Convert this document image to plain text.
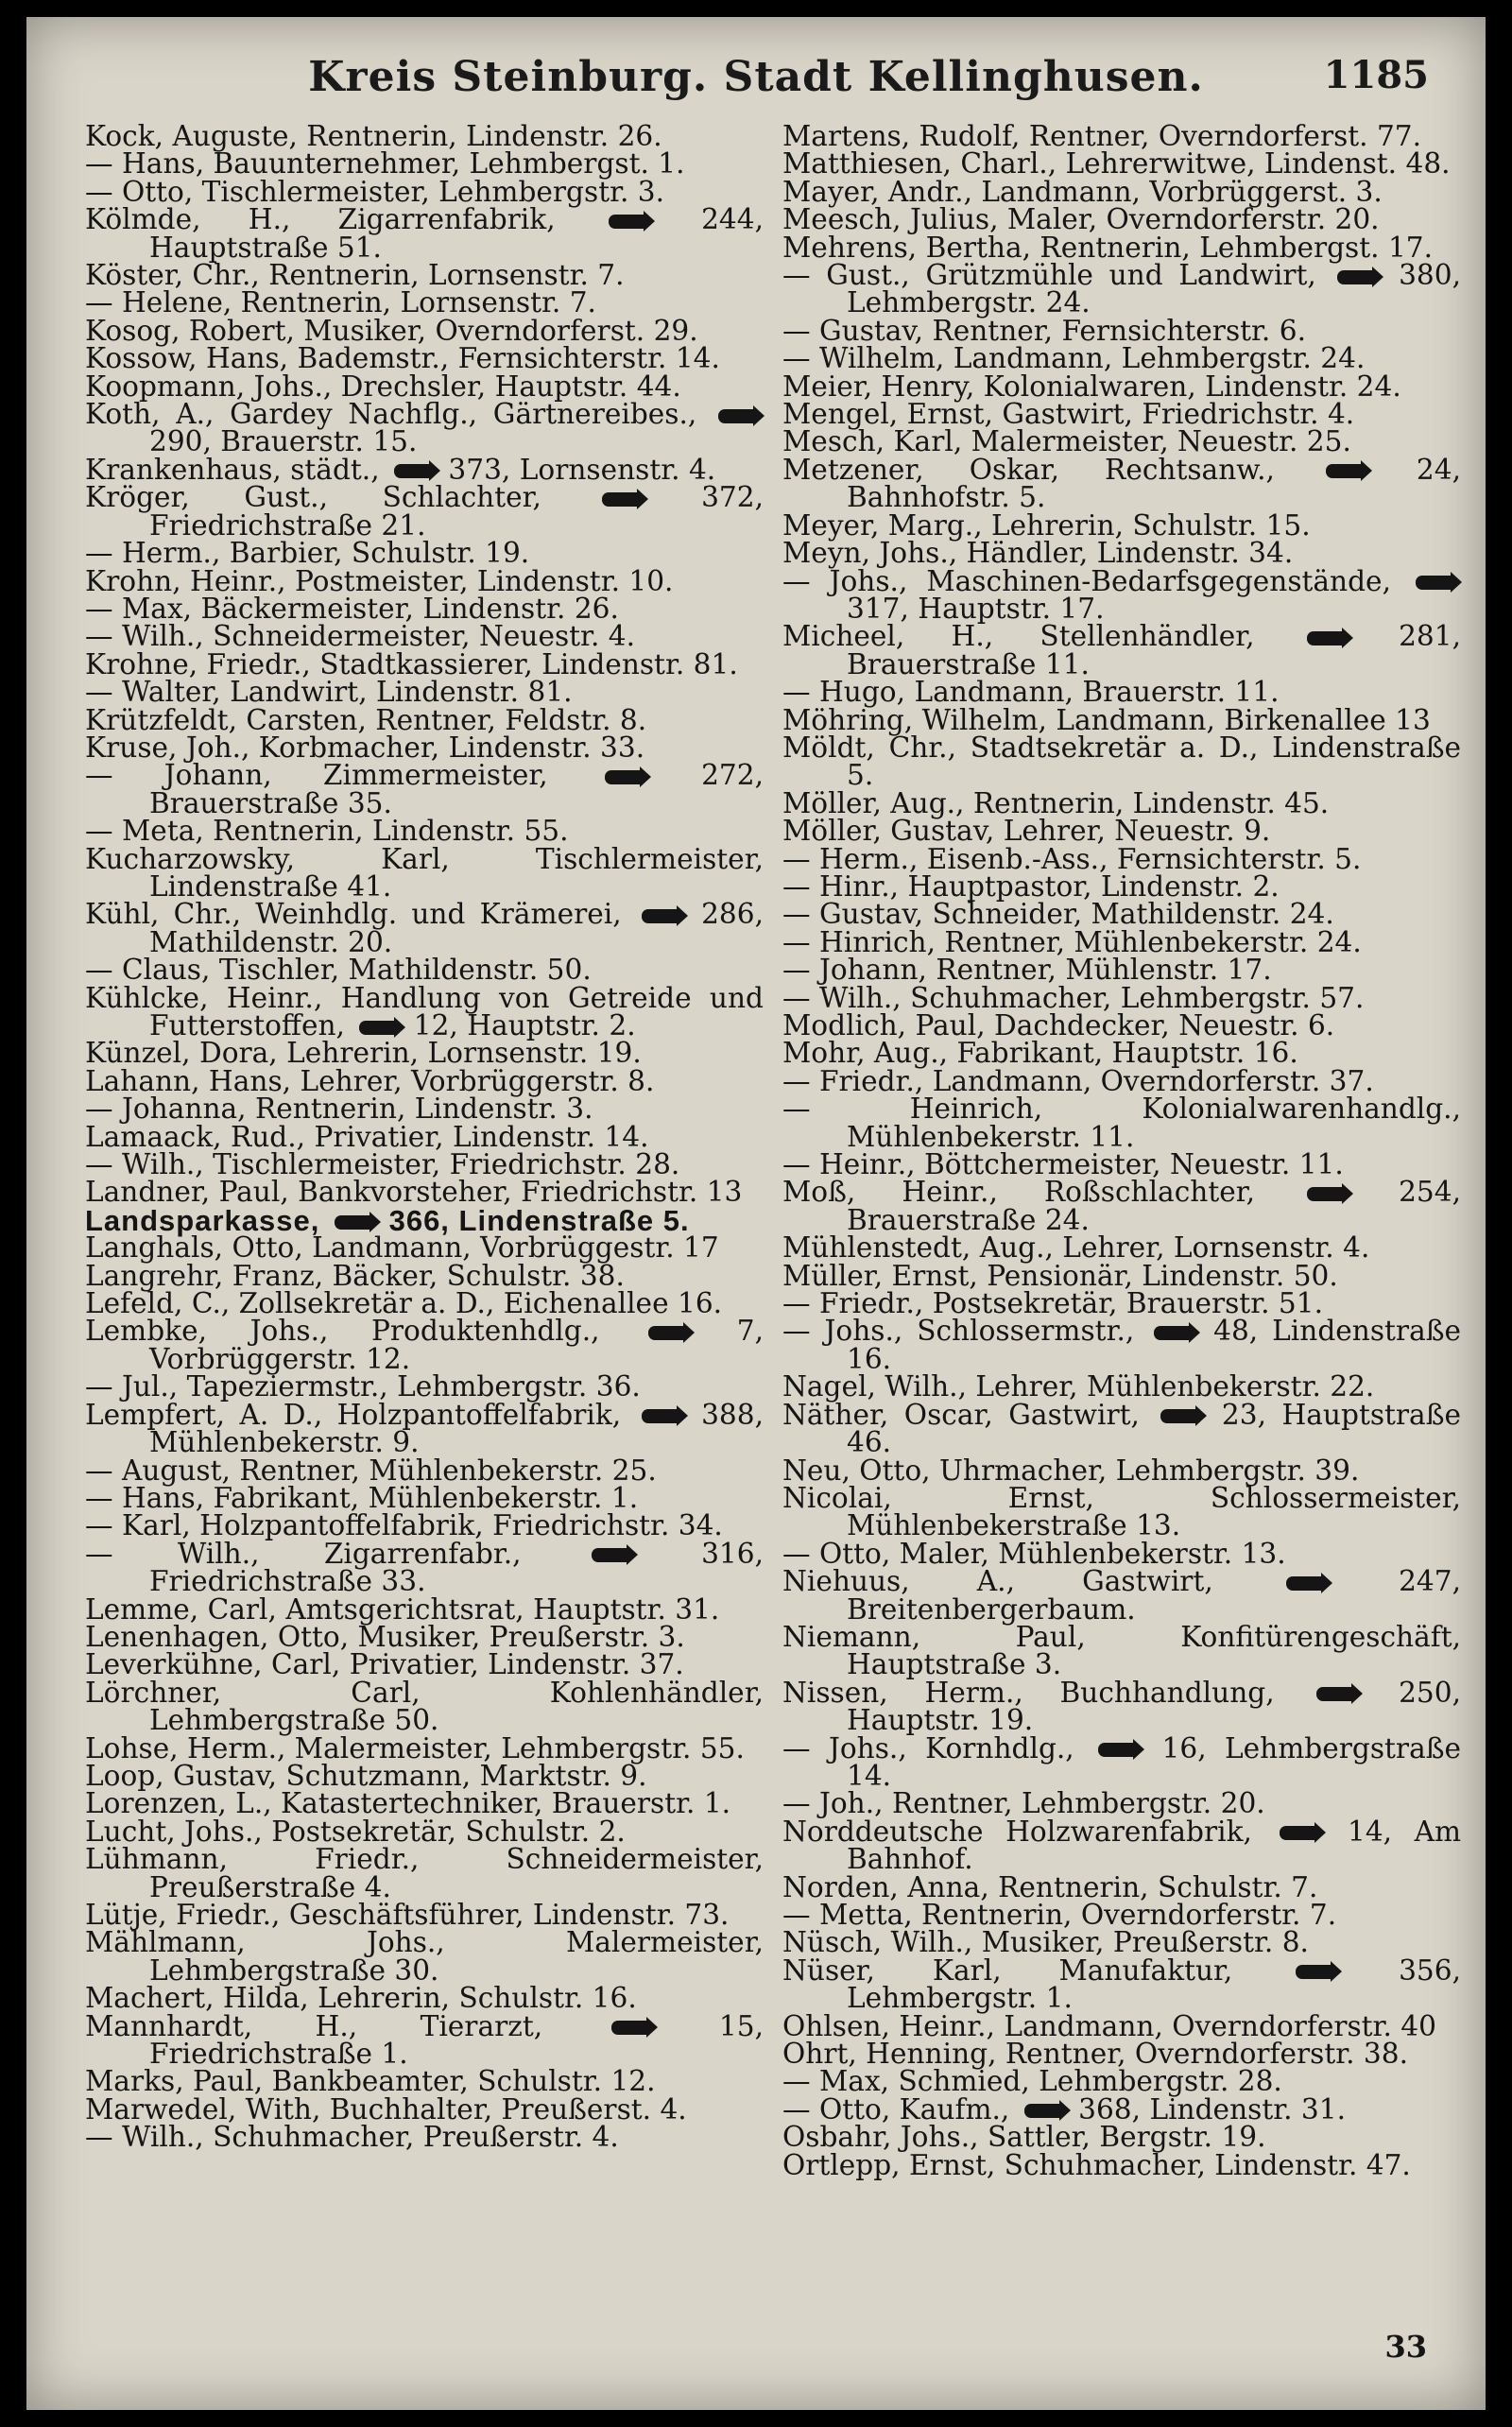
Kreis Steinburg. Stadt Kellinghusen.	1185
Kock, Auguste, Rentnerin, Lindenstr. 26.
— Hans, Bauunternehmer, Lehmbergst. 1.
— Otto, Tischlermeister, Lehmbergstr. 3.
Kölmde, H., Zigarrenfabrik,  244, Hauptstraße 51.
Köster, Chr., Rentnerin, Lornsenstr. 7.
— Helene, Rentnerin, Lornsenstr. 7.
Kosog, Robert, Musiker, Overndorferst. 29.
Kossow, Hans, Bademstr., Fernsichterstr. 14.
Koopmann, Johs., Drechsler, Hauptstr. 44.
Koth, A., Gardey Nachflg., Gärtnereibes.,  290, Brauerstr. 15.
Krankenhaus, städt.,  373, Lornsenstr. 4.
Kröger, Gust., Schlachter,  372, Friedrichstraße 21.
— Herm., Barbier, Schulstr. 19.
Krohn, Heinr., Postmeister, Lindenstr. 10.
— Max, Bäckermeister, Lindenstr. 26.
— Wilh., Schneidermeister, Neuestr. 4.
Krohne, Friedr., Stadtkassierer, Lindenstr. 81.
— Walter, Landwirt, Lindenstr. 81.
Krützfeldt, Carsten, Rentner, Feldstr. 8.
Kruse, Joh., Korbmacher, Lindenstr. 33.
— Johann, Zimmermeister,  272, Brauerstraße 35.
— Meta, Rentnerin, Lindenstr. 55.
Kucharzowsky, Karl, Tischlermeister, Lindenstraße 41.
Kühl, Chr., Weinhdlg. und Krämerei,  286, Mathildenstr. 20.
— Claus, Tischler, Mathildenstr. 50.
Kühlcke, Heinr., Handlung von Getreide und Futterstoffen,  12, Hauptstr. 2.
Künzel, Dora, Lehrerin, Lornsenstr. 19.
Lahann, Hans, Lehrer, Vorbrüggerstr. 8.
— Johanna, Rentnerin, Lindenstr. 3.
Lamaack, Rud., Privatier, Lindenstr. 14.
— Wilh., Tischlermeister, Friedrichstr. 28.
Landner, Paul, Bankvorsteher, Friedrichstr. 13
Landsparkasse,  366, Lindenstraße 5.
Langhals, Otto, Landmann, Vorbrüggestr. 17
Langrehr, Franz, Bäcker, Schulstr. 38.
Lefeld, C., Zollsekretär a. D., Eichenallee 16.
Lembke, Johs., Produktenhdlg.,  7, Vorbrüggerstr. 12.
— Jul., Tapeziermstr., Lehmbergstr. 36.
Lempfert, A. D., Holzpantoffelfabrik,  388, Mühlenbekerstr. 9.
— August, Rentner, Mühlenbekerstr. 25.
— Hans, Fabrikant, Mühlenbekerstr. 1.
— Karl, Holzpantoffelfabrik, Friedrichstr. 34.
— Wilh., Zigarrenfabr.,  316, Friedrichstraße 33.
Lemme, Carl, Amtsgerichtsrat, Hauptstr. 31.
Lenenhagen, Otto, Musiker, Preußerstr. 3.
Leverkühne, Carl, Privatier, Lindenstr. 37.
Lörchner, Carl, Kohlenhändler, Lehmbergstraße 50.
Lohse, Herm., Malermeister, Lehmbergstr. 55.
Loop, Gustav, Schutzmann, Marktstr. 9.
Lorenzen, L., Katastertechniker, Brauerstr. 1.
Lucht, Johs., Postsekretär, Schulstr. 2.
Lühmann, Friedr., Schneidermeister, Preußerstraße 4.
Lütje, Friedr., Geschäftsführer, Lindenstr. 73.
Mählmann, Johs., Malermeister, Lehmbergstraße 30.
Machert, Hilda, Lehrerin, Schulstr. 16.
Mannhardt, H., Tierarzt,  15, Friedrichstraße 1.
Marks, Paul, Bankbeamter, Schulstr. 12.
Marwedel, With, Buchhalter, Preußerst. 4.
— Wilh., Schuhmacher, Preußerstr. 4.
Martens, Rudolf, Rentner, Overndorferst. 77.
Matthiesen, Charl., Lehrerwitwe, Lindenst. 48.
Mayer, Andr., Landmann, Vorbrüggerst. 3.
Meesch, Julius, Maler, Overndorferstr. 20.
Mehrens, Bertha, Rentnerin, Lehmbergst. 17.
— Gust., Grützmühle und Landwirt,  380, Lehmbergstr. 24.
— Gustav, Rentner, Fernsichterstr. 6.
— Wilhelm, Landmann, Lehmbergstr. 24.
Meier, Henry, Kolonialwaren, Lindenstr. 24.
Mengel, Ernst, Gastwirt, Friedrichstr. 4.
Mesch, Karl, Malermeister, Neuestr. 25.
Metzener, Oskar, Rechtsanw.,  24, Bahnhofstr. 5.
Meyer, Marg., Lehrerin, Schulstr. 15.
Meyn, Johs., Händler, Lindenstr. 34.
— Johs., Maschinen-Bedarfsgegenstände,  317, Hauptstr. 17.
Micheel, H., Stellenhändler,  281, Brauerstraße 11.
— Hugo, Landmann, Brauerstr. 11.
Möhring, Wilhelm, Landmann, Birkenallee 13
Möldt, Chr., Stadtsekretär a. D., Lindenstraße 5.
Möller, Aug., Rentnerin, Lindenstr. 45.
Möller, Gustav, Lehrer, Neuestr. 9.
— Herm., Eisenb.-Ass., Fernsichterstr. 5.
— Hinr., Hauptpastor, Lindenstr. 2.
— Gustav, Schneider, Mathildenstr. 24.
— Hinrich, Rentner, Mühlenbekerstr. 24.
— Johann, Rentner, Mühlenstr. 17.
— Wilh., Schuhmacher, Lehmbergstr. 57.
Modlich, Paul, Dachdecker, Neuestr. 6.
Mohr, Aug., Fabrikant, Hauptstr. 16.
— Friedr., Landmann, Overndorferstr. 37.
— Heinrich, Kolonialwarenhandlg., Mühlenbekerstr. 11.
— Heinr., Böttchermeister, Neuestr. 11.
Moß, Heinr., Roßschlachter,  254, Brauerstraße 24.
Mühlenstedt, Aug., Lehrer, Lornsenstr. 4.
Müller, Ernst, Pensionär, Lindenstr. 50.
— Friedr., Postsekretär, Brauerstr. 51.
— Johs., Schlossermstr.,  48, Lindenstraße 16.
Nagel, Wilh., Lehrer, Mühlenbekerstr. 22.
Näther, Oscar, Gastwirt,  23, Hauptstraße 46.
Neu, Otto, Uhrmacher, Lehmbergstr. 39.
Nicolai, Ernst, Schlossermeister, Mühlenbekerstraße 13.
— Otto, Maler, Mühlenbekerstr. 13.
Niehuus, A., Gastwirt,  247, Breitenbergerbaum.
Niemann, Paul, Konfitürengeschäft, Hauptstraße 3.
Nissen, Herm., Buchhandlung,  250, Hauptstr. 19.
— Johs., Kornhdlg.,  16, Lehmbergstraße 14.
— Joh., Rentner, Lehmbergstr. 20.
Norddeutsche Holzwarenfabrik,  14, Am Bahnhof.
Norden, Anna, Rentnerin, Schulstr. 7.
— Metta, Rentnerin, Overndorferstr. 7.
Nüsch, Wilh., Musiker, Preußerstr. 8.
Nüser, Karl, Manufaktur,  356, Lehmbergstr. 1.
Ohlsen, Heinr., Landmann, Overndorferstr. 40
Ohrt, Henning, Rentner, Overndorferstr. 38.
— Max, Schmied, Lehmbergstr. 28.
— Otto, Kaufm.,  368, Lindenstr. 31.
Osbahr, Johs., Sattler, Bergstr. 19.
Ortlepp, Ernst, Schuhmacher, Lindenstr. 47.
33
